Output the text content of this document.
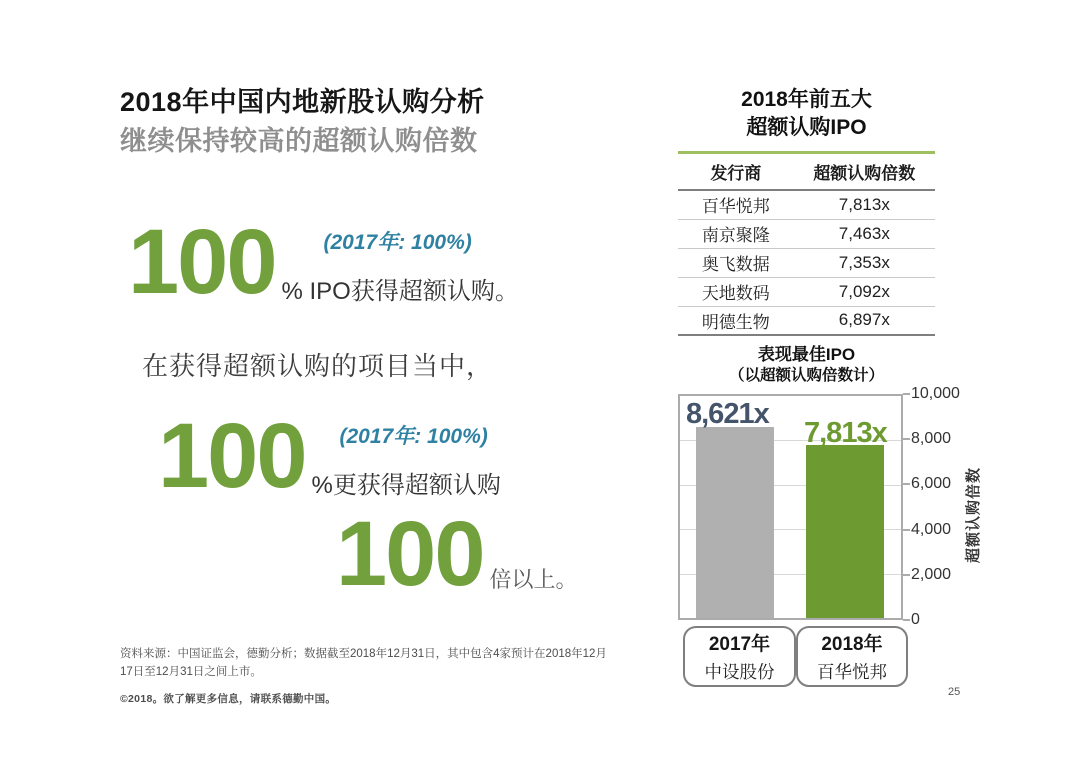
2018年中国内地新股认购分析
继续保持较高的超额认购倍数
100 (2017年: 100%)
% IPO获得超额认购。
在获得超额认购的项目当中，
100 (2017年: 100%)
%更获得超额认购
100 倍以上。
资料来源：中国证监会，德勤分析；数据截至2018年12月31日，其中包含4家预计在2018年12月17日至12月31日之间上市。
©2018。欲了解更多信息，请联系德勤中国。
2018年前五大
超额认购IPO
发行商	超额认购倍数
百华悦邦	7,813x
南京聚隆	7,463x
奥飞数据	7,353x
天地数码	7,092x
明德生物	6,897x
表现最佳IPO
（以超额认购倍数计）
8,621x
7,813x
10,000
8,000
6,000
4,000
2,000
0
超额认购倍数
2017年
中设股份
2018年
百华悦邦
25
